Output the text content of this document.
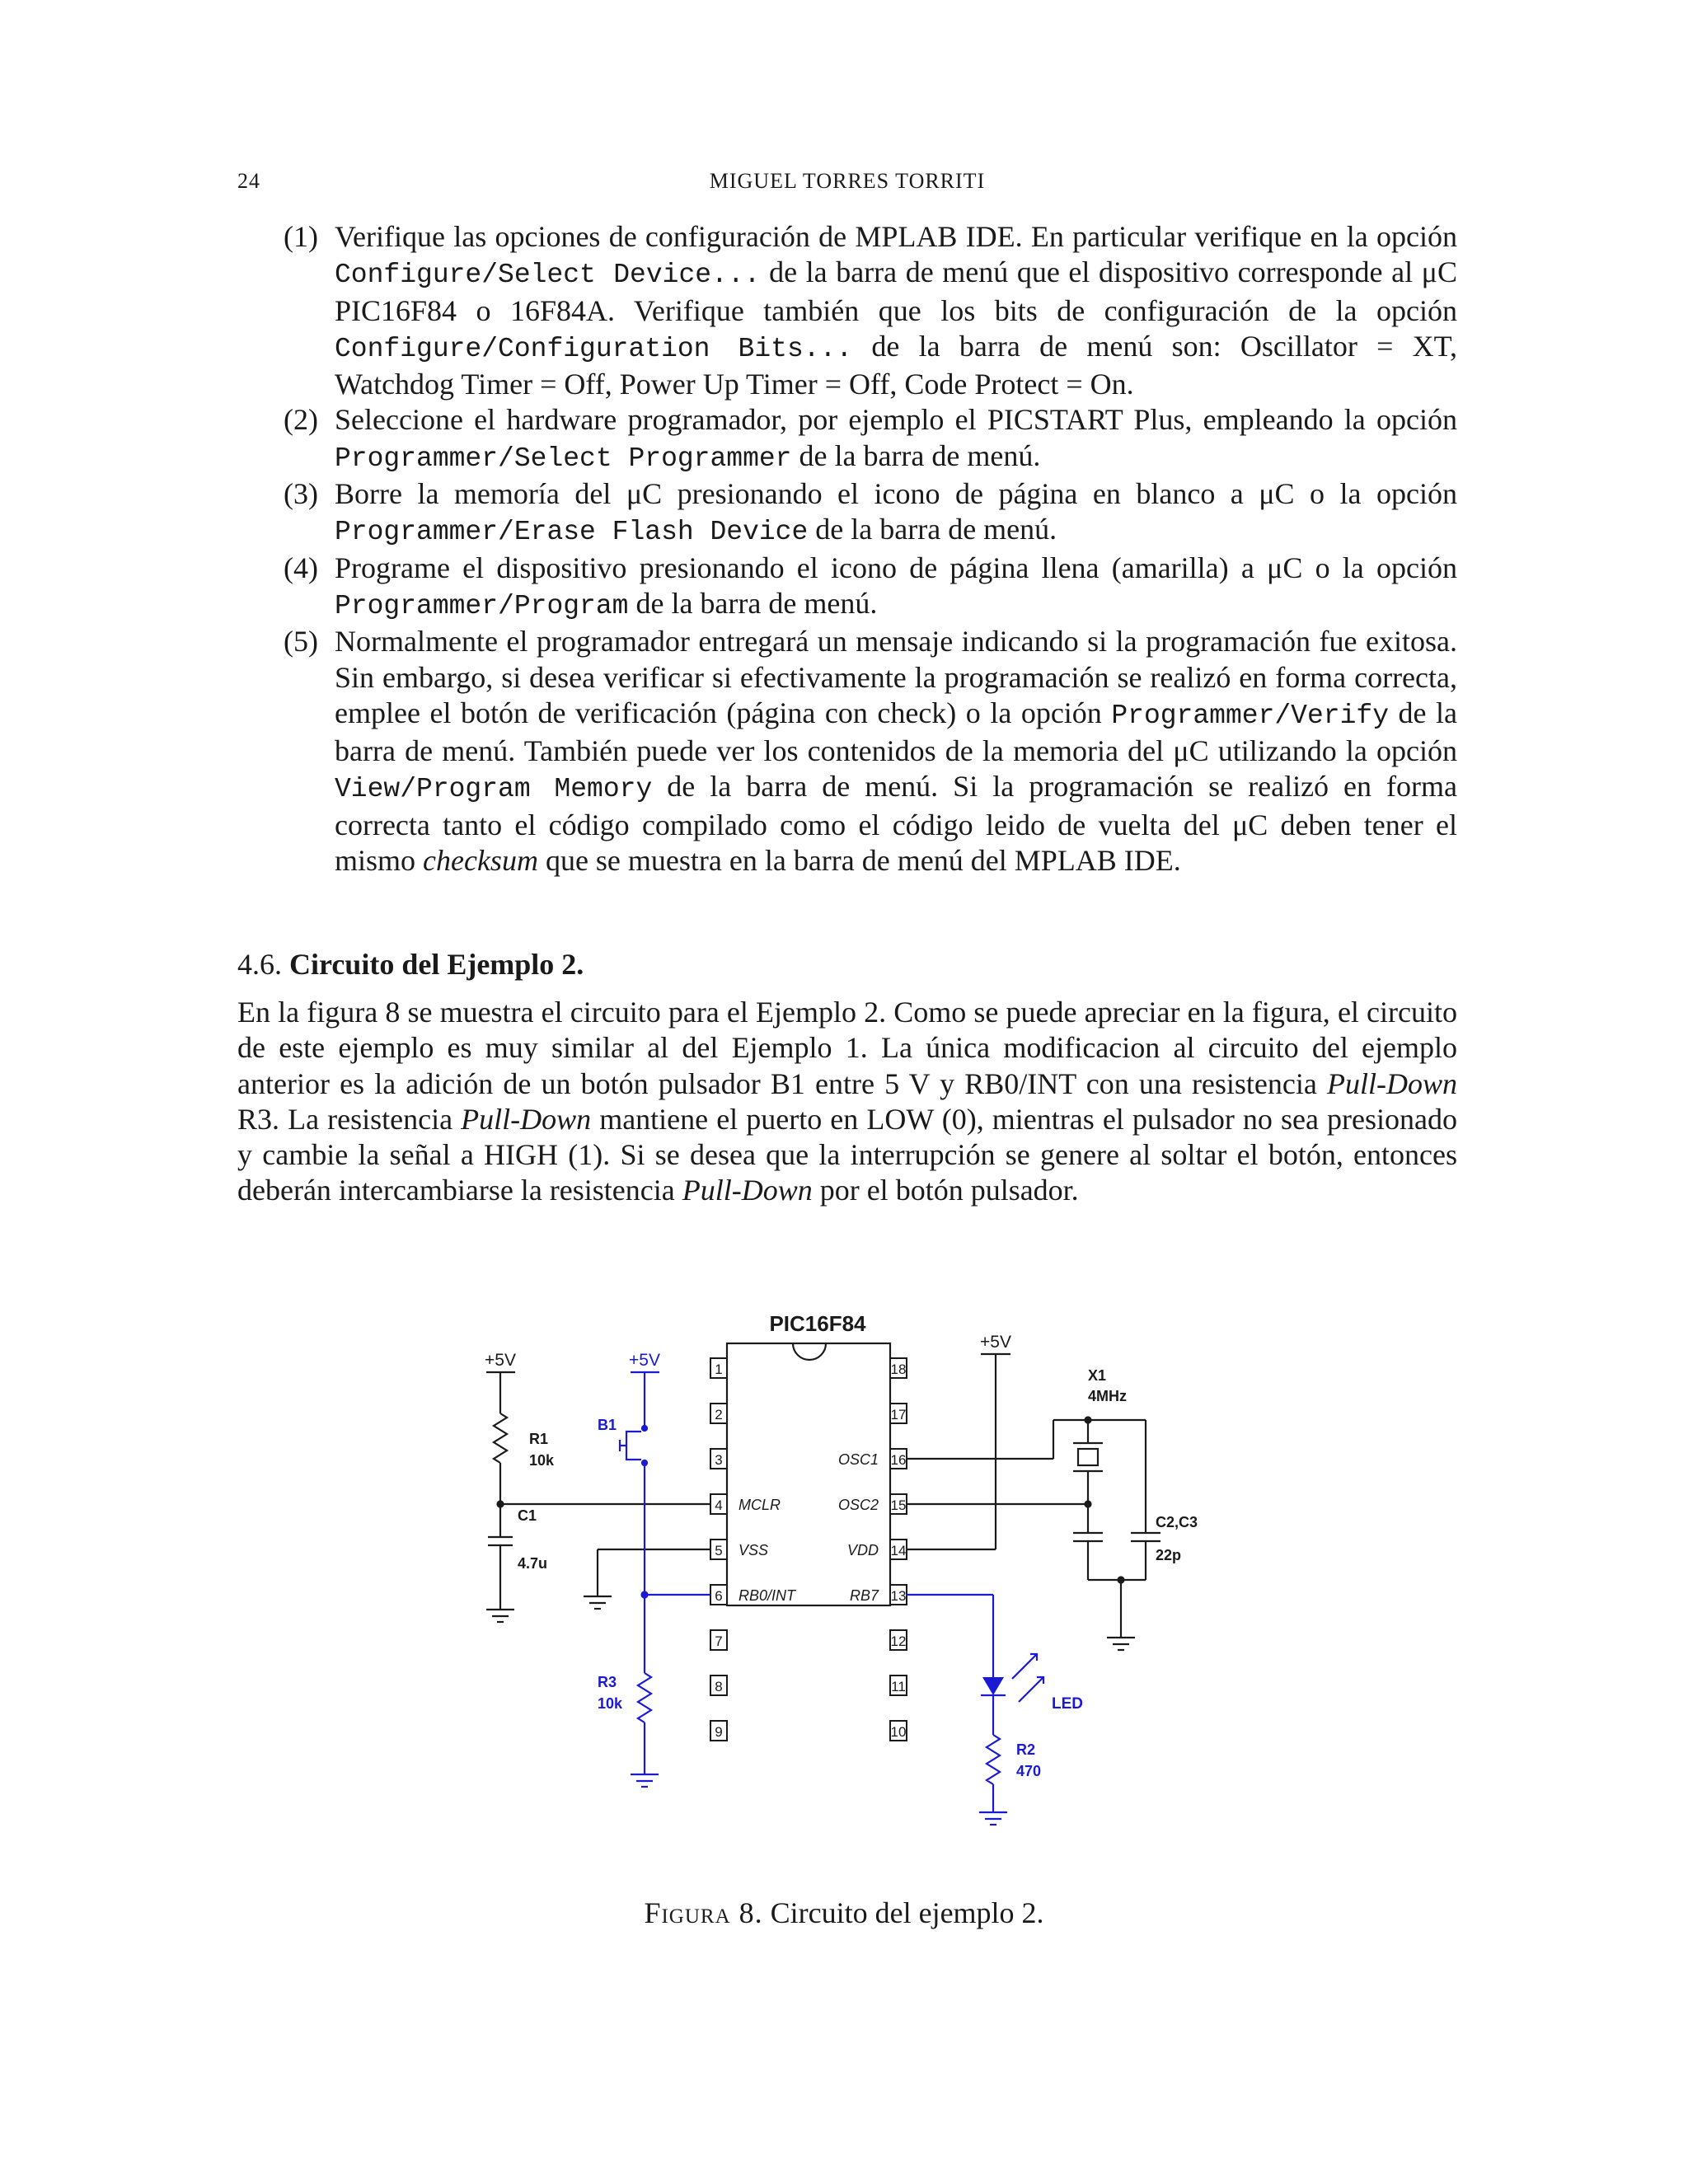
24	MIGUEL TORRES TORRITI
(1) Verifique las opciones de configuración de MPLAB IDE. En particular verifique en la opción Configure/Select Device... de la barra de menú que el dispositivo corresponde al μC PIC16F84 o 16F84A. Verifique también que los bits de configuración de la opción Configure/Configuration Bits... de la barra de menú son: Oscillator = XT, Watchdog Timer = Off, Power Up Timer = Off, Code Protect = On.
(2) Seleccione el hardware programador, por ejemplo el PICSTART Plus, empleando la opción Programmer/Select Programmer de la barra de menú.
(3) Borre la memoría del μC presionando el icono de página en blanco a μC o la opción Programmer/Erase Flash Device de la barra de menú.
(4) Programe el dispositivo presionando el icono de página llena (amarilla) a μC o la opción Programmer/Program de la barra de menú.
(5) Normalmente el programador entregará un mensaje indicando si la programación fue exitosa. Sin embargo, si desea verificar si efectivamente la programación se realizó en forma correcta, emplee el botón de verificación (página con check) o la opción Programmer/Verify de la barra de menú. También puede ver los contenidos de la memoria del μC utilizando la opción View/Program Memory de la barra de menú. Si la programación se realizó en forma correcta tanto el código compilado como el código leido de vuelta del μC deben tener el mismo checksum que se muestra en la barra de menú del MPLAB IDE.
4.6. Circuito del Ejemplo 2.

En la figura 8 se muestra el circuito para el Ejemplo 2. Como se puede apreciar en la figura, el circuito de este ejemplo es muy similar al del Ejemplo 1. La única modificacion al circuito del ejemplo anterior es la adición de un botón pulsador B1 entre 5 V y RB0/INT con una resistencia Pull-Down R3. La resistencia Pull-Down mantiene el puerto en LOW (0), mientras el pulsador no sea presionado y cambie la señal a HIGH (1). Si se desea que la interrupción se genere al soltar el botón, entonces deberán intercambiarse la resistencia Pull-Down por el botón pulsador.

1
2
3
4
5
6
7
8
9
18
17
16
15
14
13
12
11
10
PIC16F84
+5V	+5V
+5V
R1
10k
C1
4.7u
B1
R3
10k
X1
4MHz
C2,C3
22p
LED
R2
470
MCLR
VSS
RB0/INT
OSC1
OSC2
VDD
RB7
Figura 8. Circuito del ejemplo 2.
